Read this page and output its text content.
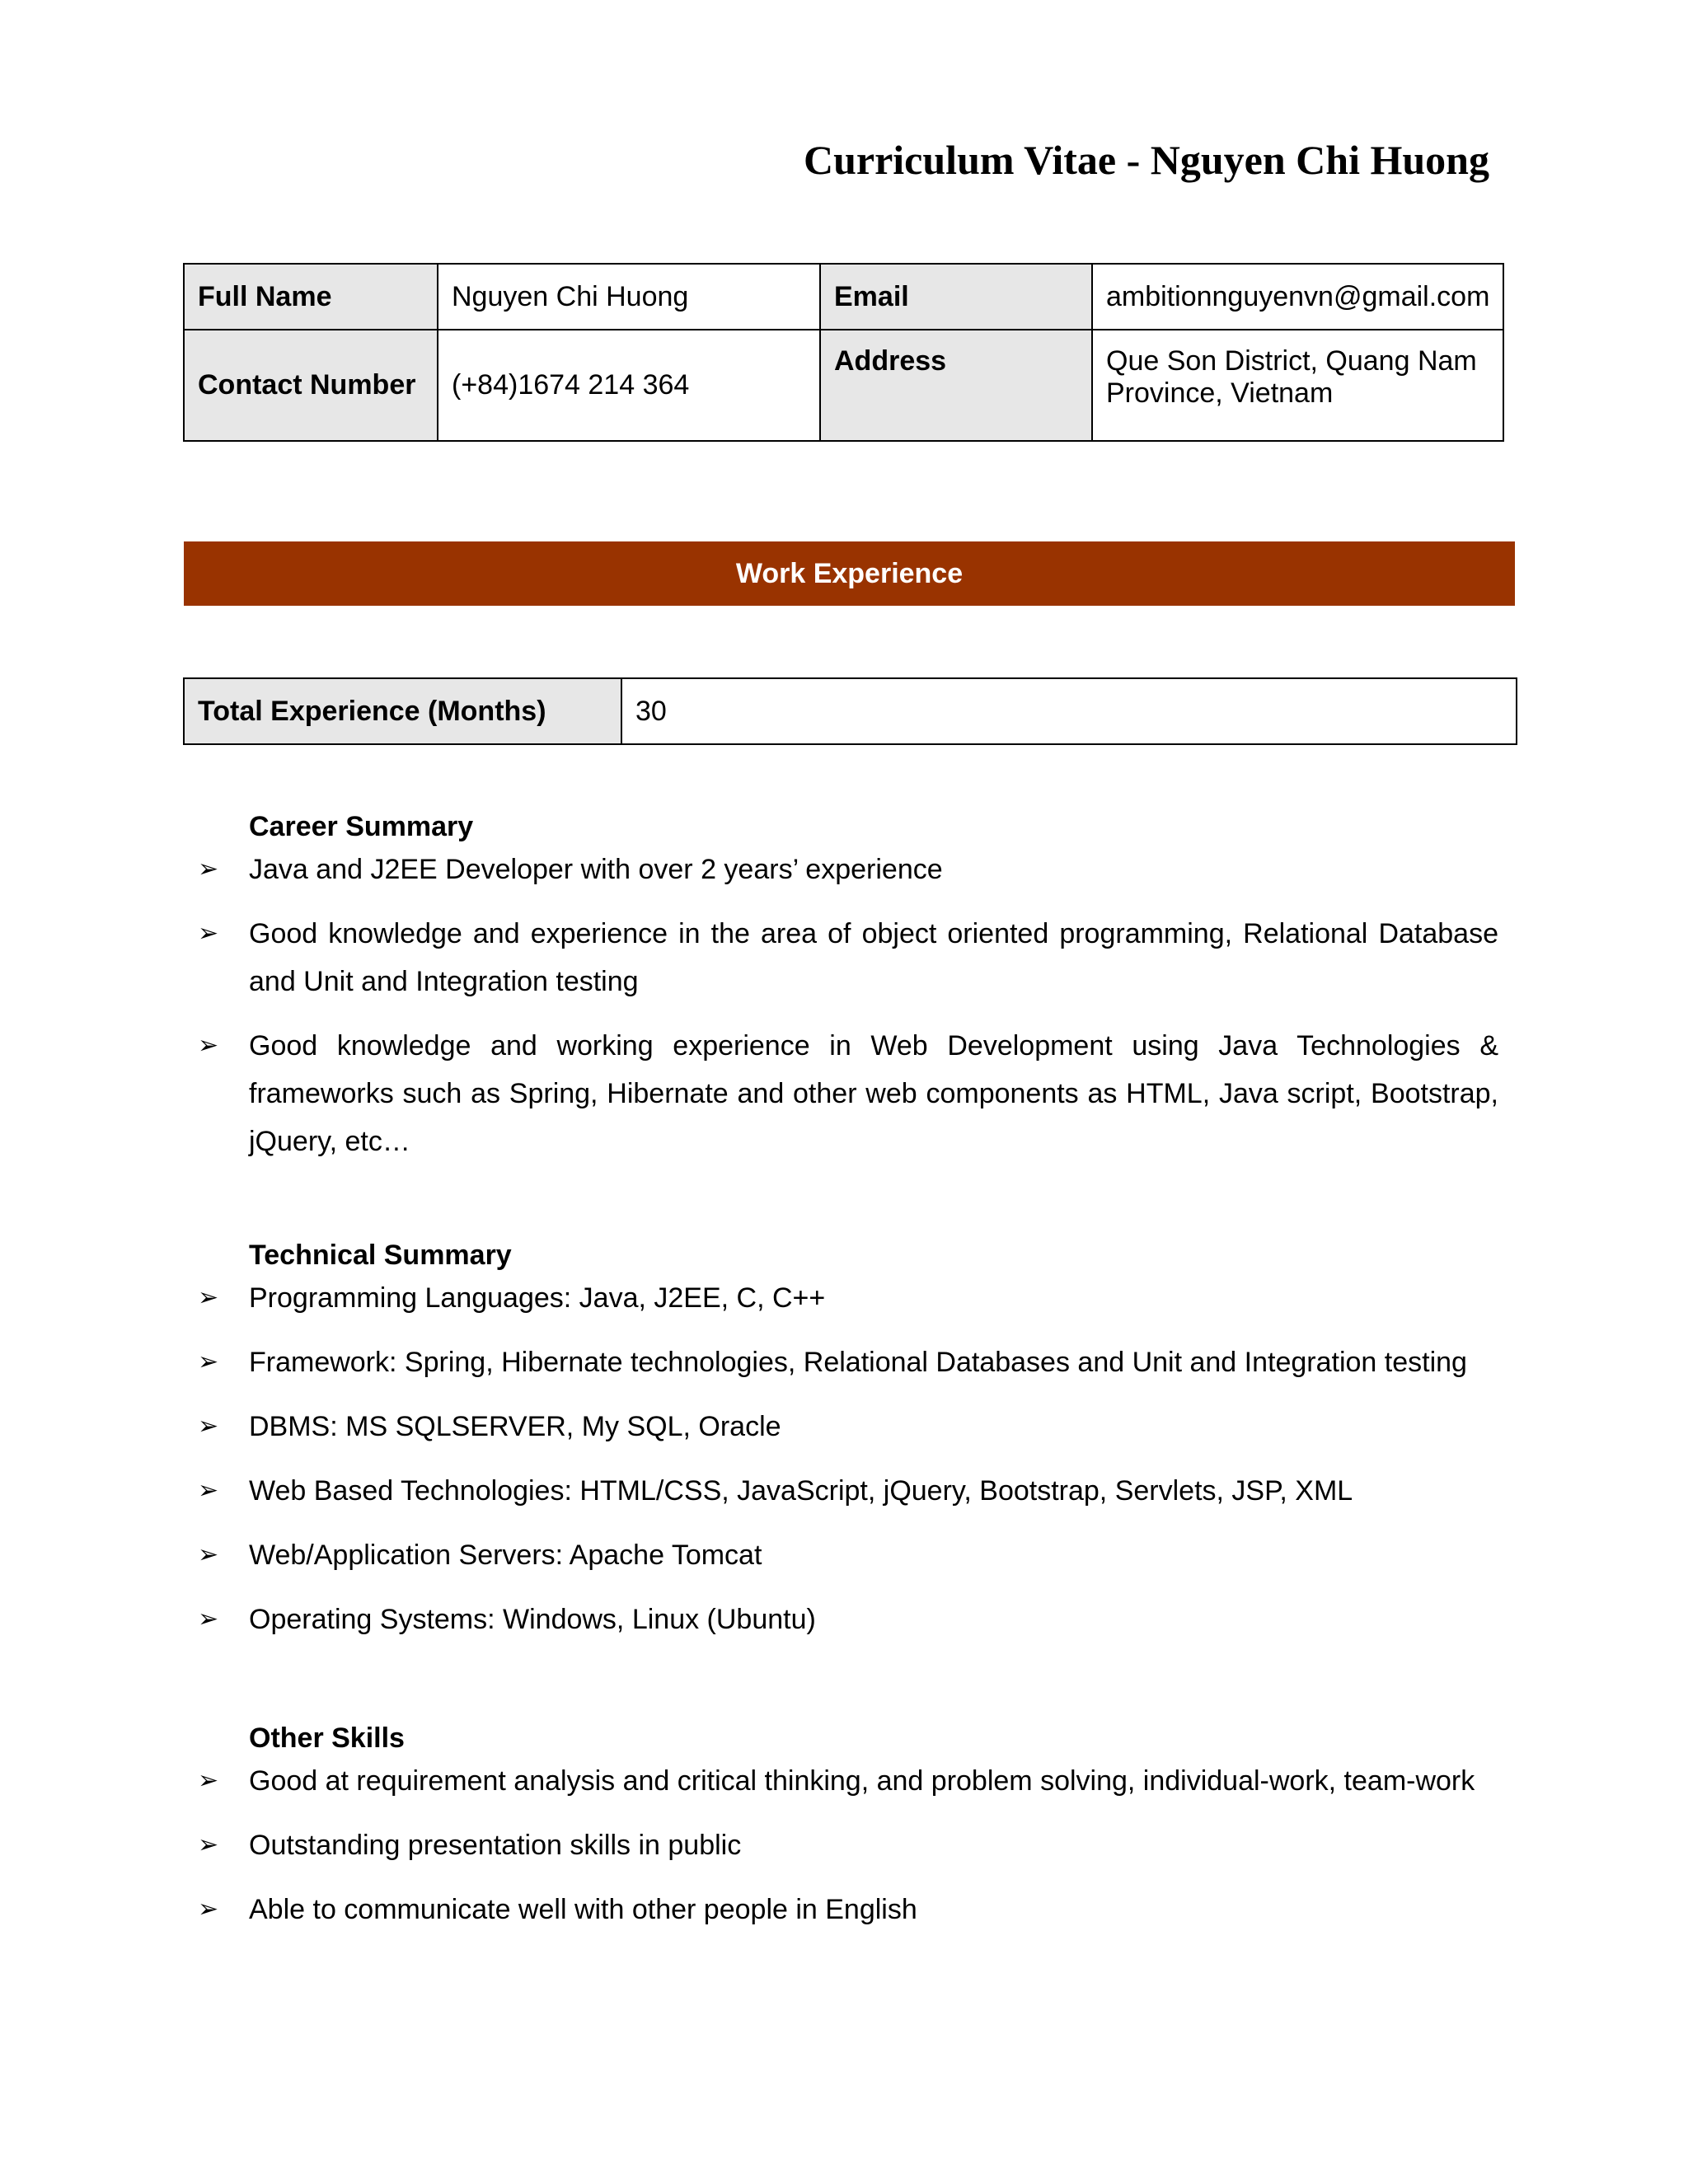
Curriculum Vitae - Nguyen Chi Huong
Full Name	Nguyen Chi Huong	Email	ambitionnguyenvn@gmail.com
Contact Number	(+84)1674 214 364	Address	Que Son District, Quang Nam Province, Vietnam
Work Experience
Total Experience (Months)	30
Career Summary
➢	Java and J2EE Developer with over 2 years’ experience
➢	Good knowledge and experience in the area of object oriented programming, Relational Database and Unit and Integration testing
➢	Good knowledge and working experience in Web Development using Java Technologies & frameworks such as Spring, Hibernate and other web components as HTML, Java script, Bootstrap, jQuery, etc…
Technical Summary
➢	Programming Languages: Java, J2EE, C, C++
➢	Framework: Spring, Hibernate technologies, Relational Databases and Unit and Integration testing
➢	DBMS: MS SQLSERVER, My SQL, Oracle
➢	Web Based Technologies: HTML/CSS, JavaScript, jQuery, Bootstrap, Servlets, JSP, XML
➢	Web/Application Servers: Apache Tomcat
➢	Operating Systems: Windows, Linux (Ubuntu)
Other Skills
➢	Good at requirement analysis and critical thinking, and problem solving, individual-work, team-work
➢	Outstanding presentation skills in public
➢	Able to communicate well with other people in English
